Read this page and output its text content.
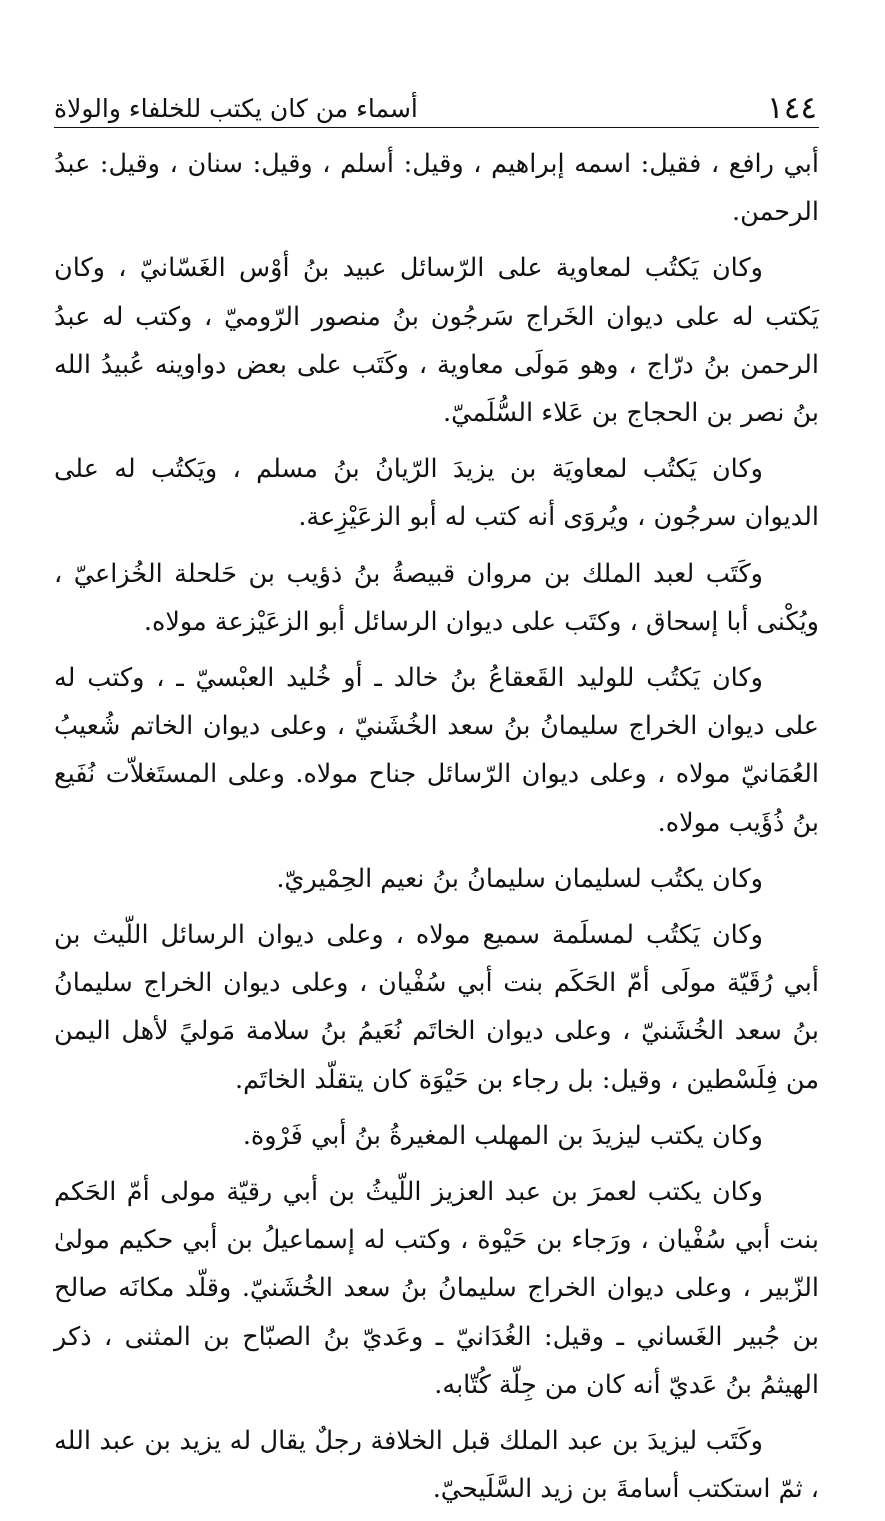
١٤٤
أسماء من كان يكتب للخلفاء والولاة

أبي رافع ، فقيل: اسمه إبراهيم ، وقيل: أسلم ، وقيل: سنان ، وقيل: عبدُ الرحمن.

وكان يَكتُب لمعاوية على الرّسائل عبيد بنُ أوْس الغَسّانيّ ، وكان يَكتب له على ديوان الخَراج سَرجُون بنُ منصور الرّوميّ ، وكتب له عبدُ الرحمن بنُ درّاج ، وهو مَولَى معاوية ، وكَتَب على بعض دواوينه عُبيدُ الله بنُ نصر بن الحجاج بن عَلاء السُّلَميّ.

وكان يَكتُب لمعاويَة بن يزيدَ الرّيانُ بنُ مسلم ، ويَكتُب له على الديوان سرجُون ، ويُروَى أنه كتب له أبو الزعَيْزِعة.

وكَتَب لعبد الملك بن مروان قبيصةُ بنُ ذؤيب بن حَلحلة الخُزاعيّ ، ويُكْنى أبا إسحاق ، وكتَب على ديوان الرسائل أبو الزعَيْزعة مولاه.

وكان يَكتُب للوليد القَعقاعُ بنُ خالد ـ أو خُليد العبْسيّ ـ ، وكتب له على ديوان الخراج سليمانُ بنُ سعد الخُشَنيّ ، وعلى ديوان الخاتم شُعيبُ العُمَانيّ مولاه ، وعلى ديوان الرّسائل جناح مولاه. وعلى المستَغلاّت نُفَيع بنُ ذُؤَيب مولاه.

وكان يكتُب لسليمان سليمانُ بنُ نعيم الحِمْيريّ.

وكان يَكتُب لمسلَمة سميع مولاه ، وعلى ديوان الرسائل اللّيث بن أبي رُقَيّة مولَى أمّ الحَكَم بنت أبي سُفْيان ، وعلى ديوان الخراج سليمانُ بنُ سعد الخُشَنيّ ، وعلى ديوان الخاتَم نُعَيمُ بنُ سلامة مَوليً لأهل اليمن من فِلَسْطين ، وقيل: بل رجاء بن حَيْوَة كان يتقلّد الخاتَم.

وكان يكتب ليزيدَ بن المهلب المغيرةُ بنُ أبي فَرْوة.

وكان يكتب لعمرَ بن عبد العزيز اللّيثُ بن أبي رقيّة مولى أمّ الحَكم بنت أبي سُفْيان ، ورَجاء بن حَيْوة ، وكتب له إسماعيلُ بن أبي حكيم مولىٰ الزّبير ، وعلى ديوان الخراج سليمانُ بنُ سعد الخُشَنيّ. وقلّد مكانَه صالح بن جُبير الغَساني ـ وقيل: الغُدَانيّ ـ وعَديّ بنُ الصبّاح بن المثنى ، ذكر الهيثمُ بنُ عَديّ أنه كان من جِلّة كُتّابه.

وكَتَب ليزيدَ بن عبد الملك قبل الخلافة رجلٌ يقال له يزيد بن عبد الله ، ثمّ استكتب أسامةَ بن زيد السَّلَيحيّ.
